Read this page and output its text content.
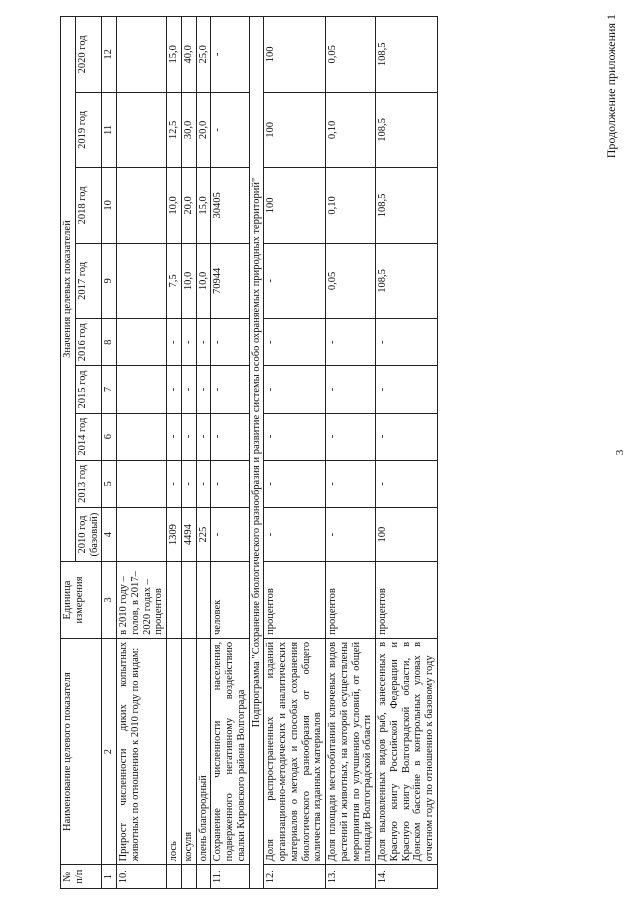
3
Продолжение приложения 1
№ п/п	Наименование целевого показателя	Единица измерения	Значения целевых показателей								
			2010 год (базовый)	2013 год	2014 год	2015 год	2016 год	2017 год	2018 год	2019 год	2020 год
1	2	3	4	5	6	7	8	9	10	11	12
10.	Прирост численности диких копытных животных по отношению к 2010 году по видам:	в 2010 году – голов, в 2017–2020 годах – процентов									
	лось		1309	-	-	-	-	7,5	10,0	12,5	15,0
	косуля		4494	-	-	-	-	10,0	20,0	30,0	40,0
	олень благородный		225	-	-	-	-	10,0	15,0	20,0	25,0
11.	Сохранение численности населения, подверженного негативному воздействию свалки Кировского района Волгограда	человек	-	-	-	-	-	70944	30405	-	-
Подпрограмма "Сохранение биологического разнообразия и развитие системы особо охраняемых природных территорий"											
12.	Доля распространенных изданий организационно-методических и аналитических материалов о методах и способах сохранения биологического разнообразия от общего количества изданных материалов	процентов	-	-	-	-	-	-	100	100	100
13.	Доля площади местообитаний ключевых видов растений и животных, на которой осуществлены мероприятия по улучшению условий, от общей площади Волгоградской области	процентов	-	-	-	-	-	0,05	0,10	0,10	0,05
14.	Доля выловленных видов рыб, занесенных в Красную книгу Российской Федерации и Красную книгу Волгоградской области, в Донском бассейне в контрольных уловах в отчетном году по отношению к базовому году	процентов	100	-	-	-	-	108,5	108,5	108,5	108,5
